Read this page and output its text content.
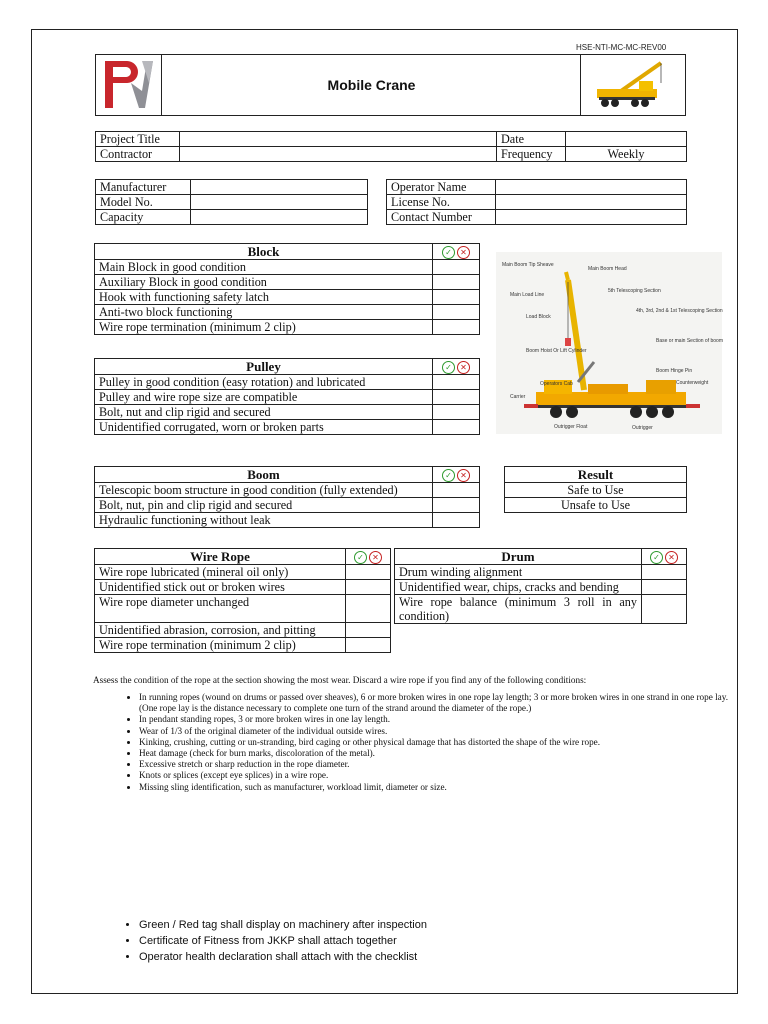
HSE-NTI-MC-MC-REV00
Mobile Crane
Project Title		Date	
Contractor		Frequency	Weekly
Manufacturer	
Model No.	
Capacity	
Operator Name	
License No.	
Contact Number	
Block	✓ ✕
Main Block in good condition	
Auxiliary Block in good condition	
Hook with functioning safety latch	
Anti-two block functioning	
Wire rope termination (minimum 2 clip)	
Pulley	✓ ✕
Pulley in good condition (easy rotation) and lubricated	
Pulley and wire rope size are compatible	
Bolt, nut and clip rigid and secured	
Unidentified corrugated, worn or broken parts	
Main Boom Tip Sheave
Main Boom Head
5th Telescoping Section
Main Load Line
4th, 3rd, 2nd & 1st Telescoping Section
Load Block
Base or main Section of boom
Boom Hoist Or Lift Cylinder
Boom Hinge Pin
Operators Cab	Counterweight
Carrier
Outrigger Float	Outrigger
Boom	✓ ✕
Telescopic boom structure in good condition (fully extended)	
Bolt, nut, pin and clip rigid and secured	
Hydraulic functioning without leak	
Result
Safe to Use
Unsafe to Use
Wire Rope	✓ ✕
Wire rope lubricated (mineral oil only)	
Unidentified stick out or broken wires	
Wire rope diameter unchanged	
Unidentified abrasion, corrosion, and pitting	
Wire rope termination (minimum 2 clip)	
Drum	✓ ✕
Drum winding alignment	
Unidentified wear, chips, cracks and bending	
Wire rope balance (minimum 3 roll in any condition)	
Assess the condition of the rope at the section showing the most wear. Discard a wire rope if you find any of the following conditions:
• In running ropes (wound on drums or passed over sheaves), 6 or more broken wires in one rope lay length; 3 or more broken wires in one strand in one rope lay. (One rope lay is the distance necessary to complete one turn of the strand around the diameter of the rope.)
• In pendant standing ropes, 3 or more broken wires in one lay length.
• Wear of 1/3 of the original diameter of the individual outside wires.
• Kinking, crushing, cutting or un-stranding, bird caging or other physical damage that has distorted the shape of the wire rope.
• Heat damage (check for burn marks, discoloration of the metal).
• Excessive stretch or sharp reduction in the rope diameter.
• Knots or splices (except eye splices) in a wire rope.
• Missing sling identification, such as manufacturer, workload limit, diameter or size.
• Green / Red tag shall display on machinery after inspection
• Certificate of Fitness from JKKP shall attach together
• Operator health declaration shall attach with the checklist
